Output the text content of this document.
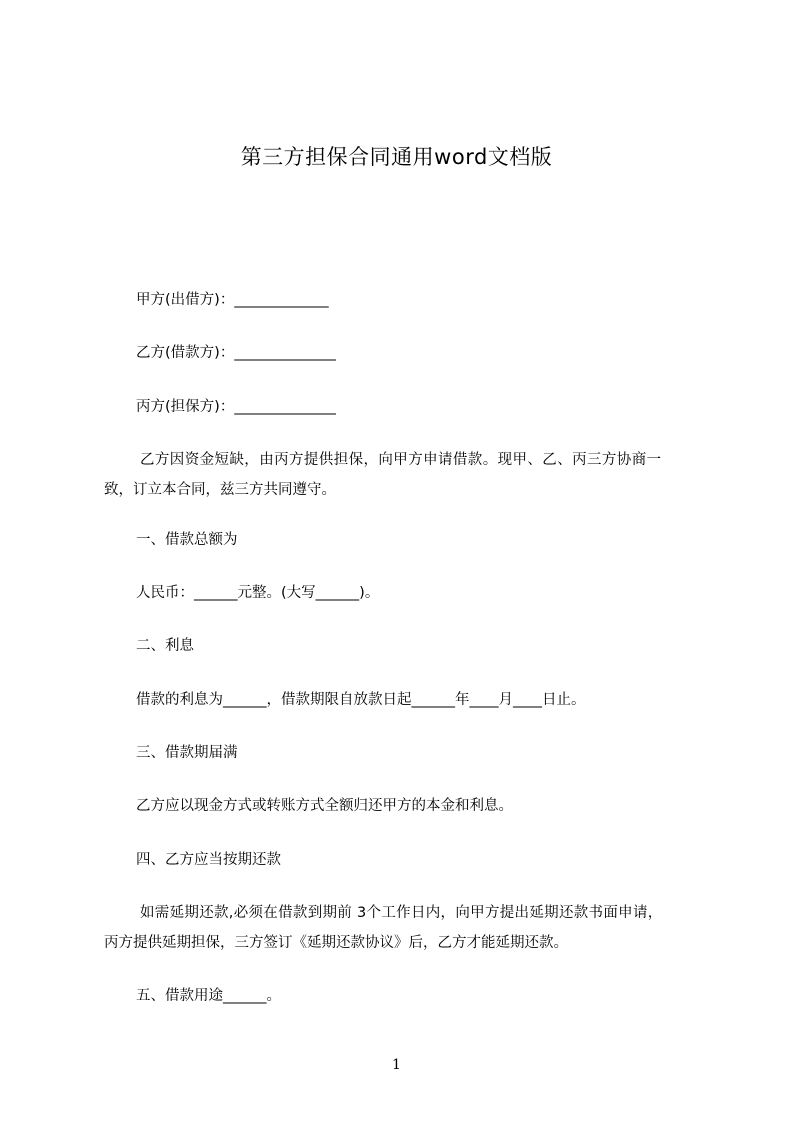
第三方担保合同通用word文档版
甲方(出借方)：_____________
乙方(借款方)：______________
丙方(担保方)：______________
乙方因资金短缺，由丙方提供担保，向甲方申请借款。现甲、乙、丙三方协商一
致，订立本合同，兹三方共同遵守。
一、借款总额为
人民币：______元整。(大写______)。
二、利息
借款的利息为______，借款期限自放款日起______年____月____日止。
三、借款期届满
乙方应以现金方式或转账方式全额归还甲方的本金和利息。
四、乙方应当按期还款
如需延期还款,必须在借款到期前 3个工作日内，向甲方提出延期还款书面申请，
丙方提供延期担保，三方签订《延期还款协议》后，乙方才能延期还款。
五、借款用途______。
1
